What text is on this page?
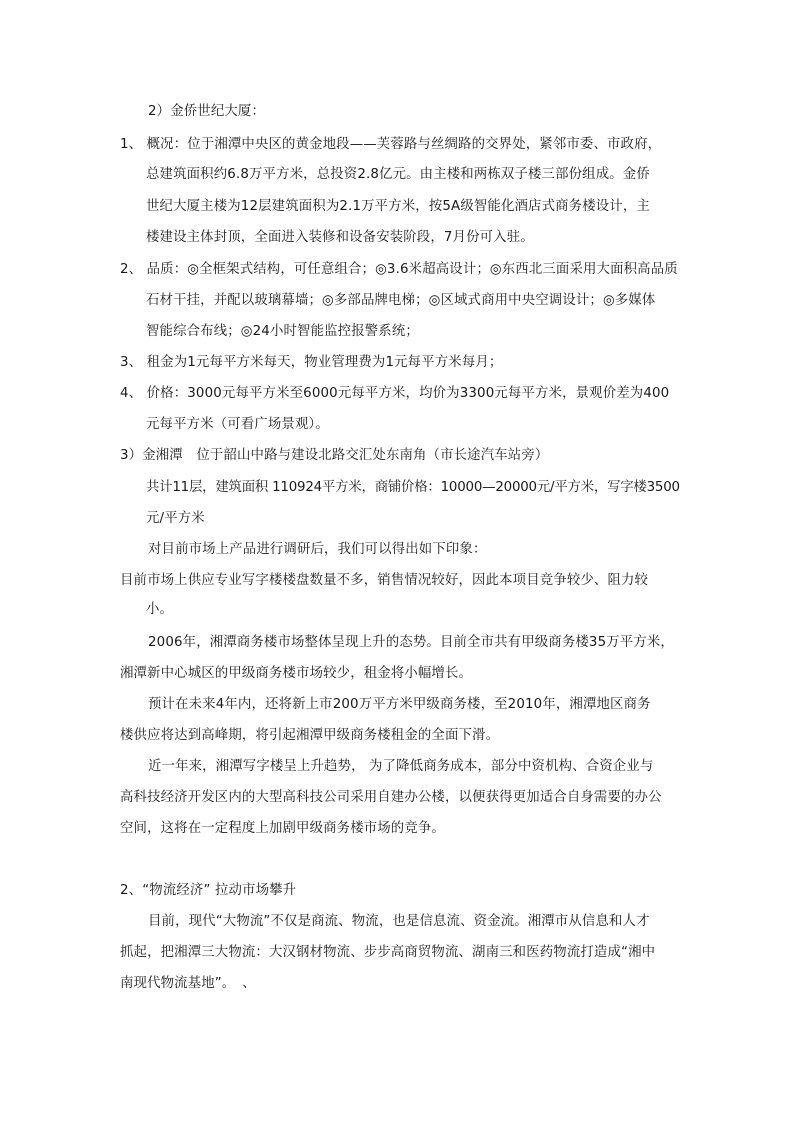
2）金侨世纪大厦：
1、 概况：位于湘潭中央区的黄金地段——芙蓉路与丝绸路的交界处，紧邻市委、市政府，
总建筑面积约6.8万平方米，总投资2.8亿元。由主楼和两栋双子楼三部份组成。金侨
世纪大厦主楼为12层建筑面积为2.1万平方米，按5A级智能化酒店式商务楼设计，主
楼建设主体封顶，全面进入装修和设备安装阶段，7月份可入驻。
2、 品质：◎全框架式结构，可任意组合；◎3.6米超高设计；◎东西北三面采用大面积高品质
石材干挂，并配以玻璃幕墙；◎多部品牌电梯；◎区域式商用中央空调设计；◎多媒体
智能综合布线；◎24小时智能监控报警系统；
3、 租金为1元每平方米每天，物业管理费为1元每平方米每月；
4、 价格：3000元每平方米至6000元每平方米，均价为3300元每平方米，景观价差为400
元每平方米（可看广场景观）。
3）金湘潭　位于韶山中路与建设北路交汇处东南角（市长途汽车站旁）
共计11层，建筑面积 110924平方米，商铺价格：10000—20000元/平方米，写字楼3500
元/平方米
对目前市场上产品进行调研后，我们可以得出如下印象：
目前市场上供应专业写字楼楼盘数量不多，销售情况较好，因此本项目竞争较少、阻力较
小。
2006年，湘潭商务楼市场整体呈现上升的态势。目前全市共有甲级商务楼35万平方米，
湘潭新中心城区的甲级商务楼市场较少，租金将小幅增长。
预计在未来4年内，还将新上市200万平方米甲级商务楼，至2010年，湘潭地区商务
楼供应将达到高峰期，将引起湘潭甲级商务楼租金的全面下滑。
近一年来，湘潭写字楼呈上升趋势， 为了降低商务成本，部分中资机构、合资企业与
高科技经济开发区内的大型高科技公司采用自建办公楼，以便获得更加适合自身需要的办公
空间，这将在一定程度上加剧甲级商务楼市场的竞争。
2、“物流经济” 拉动市场攀升
目前，现代“大物流”不仅是商流、物流，也是信息流、资金流。湘潭市从信息和人才
抓起，把湘潭三大物流：大汉钢材物流、步步高商贸物流、湖南三和医药物流打造成“湘中
南现代物流基地”。　、
